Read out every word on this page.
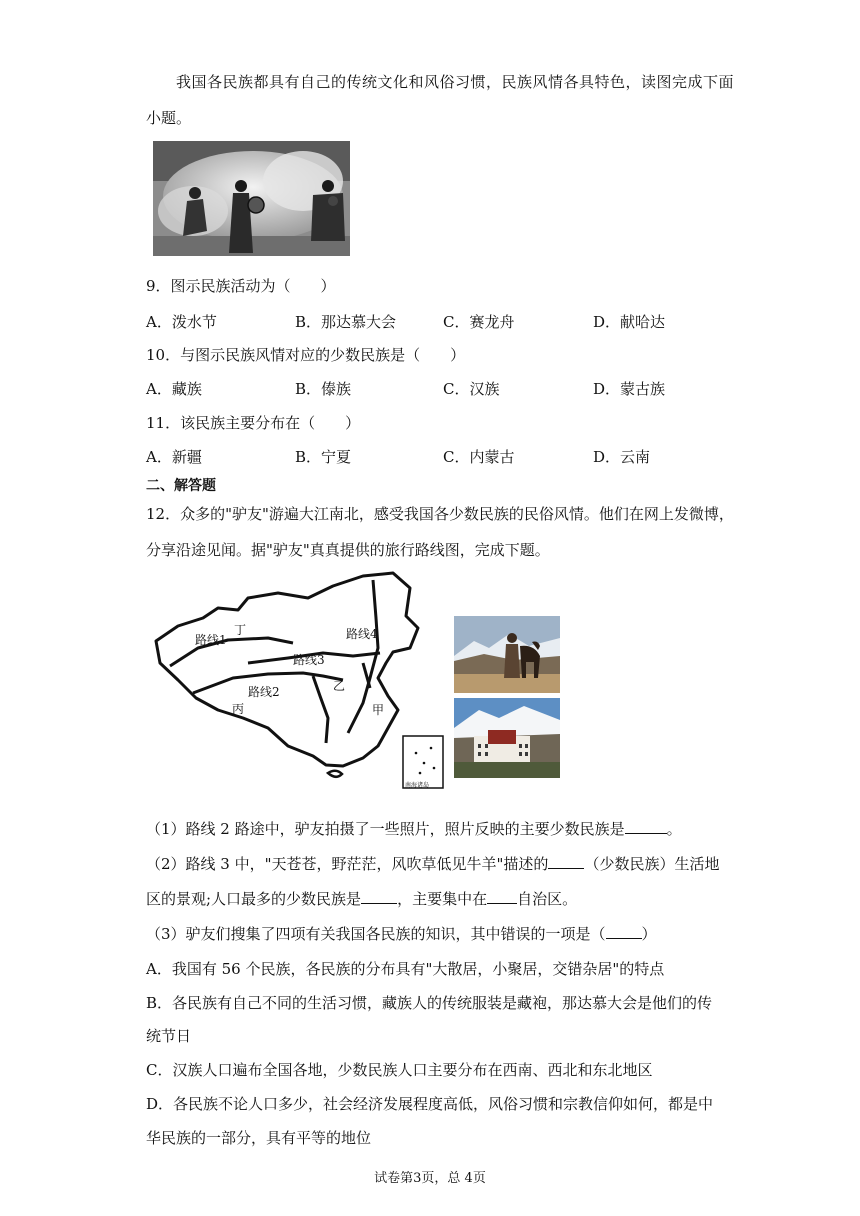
我国各民族都具有自己的传统文化和风俗习惯，民族风情各具特色，读图完成下面
小题。
9．图示民族活动为（　　）
A．泼水节	B．那达慕大会	C．赛龙舟	D．献哈达
10．与图示民族风情对应的少数民族是（　　）
A．藏族	B．傣族	C．汉族	D．蒙古族
11．该民族主要分布在（　　）
A．新疆	B．宁夏	C．内蒙古	D．云南
二、解答题
12．众多的"驴友"游遍大江南北，感受我国各少数民族的民俗风情。他们在网上发微博，
分享沿途见闻。据"驴友"真真提供的旅行路线图，完成下题。
路线1
丁	路线4
路线3
路线2
丙
乙
甲
南海诸岛
（1）路线 2 路途中，驴友拍摄了一些照片，照片反映的主要少数民族是	。
（2）路线 3 中，"天苍苍，野茫茫，风吹草低见牛羊"描述的 （少数民族）生活地
区的景观;人口最多的少数民族是 ，主要集中在 自治区。
（3）驴友们搜集了四项有关我国各民族的知识，其中错误的一项是（ ）
A．我国有 56 个民族，各民族的分布具有"大散居，小聚居，交错杂居"的特点
B．各民族有自己不同的生活习惯，藏族人的传统服装是藏袍，那达慕大会是他们的传
统节日
C．汉族人口遍布全国各地，少数民族人口主要分布在西南、西北和东北地区
D．各民族不论人口多少，社会经济发展程度高低，风俗习惯和宗教信仰如何，都是中
华民族的一部分，具有平等的地位
试卷第3页，总 4页
